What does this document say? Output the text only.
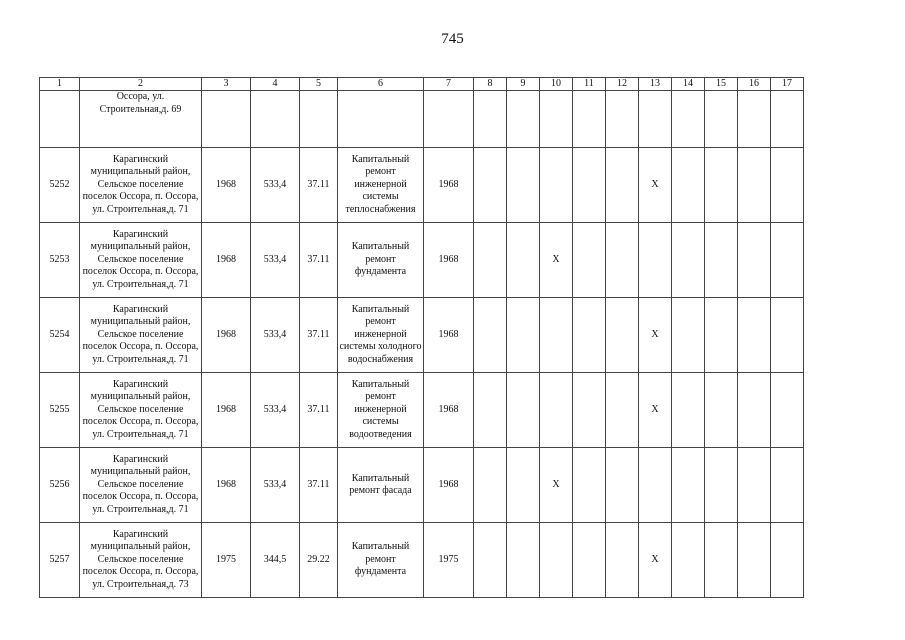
745
1	2	3	4	5	6	7	8	9	10	11	12	13	14	15	16	17
	Оссора, ул. Строительная,д. 69															
5252	Карагинский муниципальный район, Сельское поселение поселок Оссора, п. Оссора, ул. Строительная,д. 71	1968	533,4	37.11	Капитальный ремонт инженерной системы теплоснабжения	1968						Х				
5253	Карагинский муниципальный район, Сельское поселение поселок Оссора, п. Оссора, ул. Строительная,д. 71	1968	533,4	37.11	Капитальный ремонт фундамента	1968			Х							
5254	Карагинский муниципальный район, Сельское поселение поселок Оссора, п. Оссора, ул. Строительная,д. 71	1968	533,4	37.11	Капитальный ремонт инженерной системы холодного водоснабжения	1968						Х				
5255	Карагинский муниципальный район, Сельское поселение поселок Оссора, п. Оссора, ул. Строительная,д. 71	1968	533,4	37.11	Капитальный ремонт инженерной системы водоотведения	1968						Х				
5256	Карагинский муниципальный район, Сельское поселение поселок Оссора, п. Оссора, ул. Строительная,д. 71	1968	533,4	37.11	Капитальный ремонт фасада	1968			Х							
5257	Карагинский муниципальный район, Сельское поселение поселок Оссора, п. Оссора, ул. Строительная,д. 73	1975	344,5	29.22	Капитальный ремонт фундамента	1975						Х				
